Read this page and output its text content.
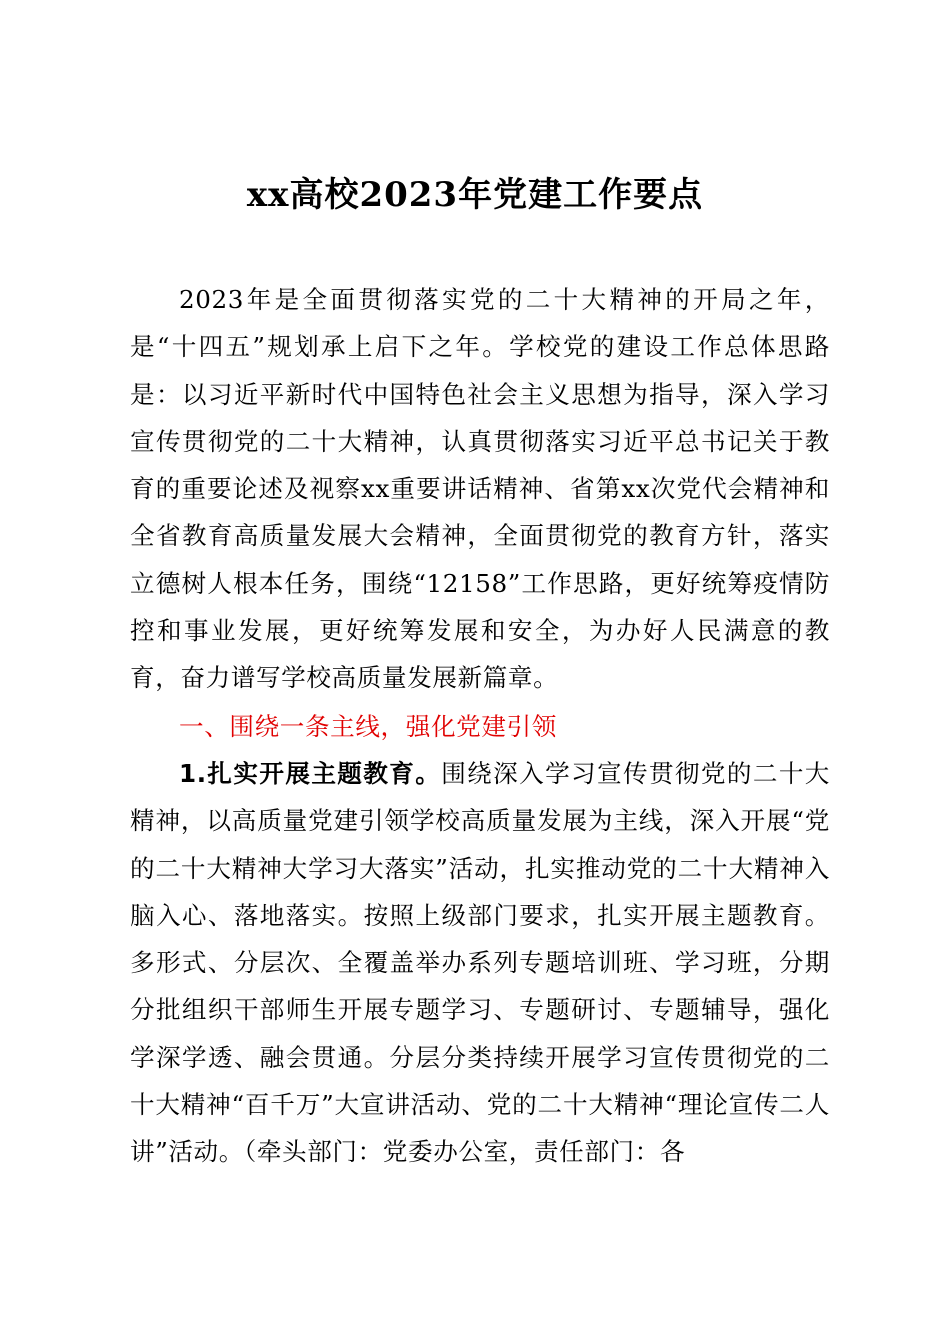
xx高校2023年党建工作要点

2023年是全面贯彻落实党的二十大精神的开局之年，是“十四五”规划承上启下之年。学校党的建设工作总体思路是：以习近平新时代中国特色社会主义思想为指导，深入学习宣传贯彻党的二十大精神，认真贯彻落实习近平总书记关于教育的重要论述及视察xx重要讲话精神、省第xx次党代会精神和全省教育高质量发展大会精神，全面贯彻党的教育方针，落实立德树人根本任务，围绕“12158”工作思路，更好统筹疫情防控和事业发展，更好统筹发展和安全，为办好人民满意的教育，奋力谱写学校高质量发展新篇章。

一、围绕一条主线，强化党建引领

1.扎实开展主题教育。围绕深入学习宣传贯彻党的二十大精神，以高质量党建引领学校高质量发展为主线，深入开展“党的二十大精神大学习大落实”活动，扎实推动党的二十大精神入脑入心、落地落实。按照上级部门要求，扎实开展主题教育。多形式、分层次、全覆盖举办系列专题培训班、学习班，分期分批组织干部师生开展专题学习、专题研讨、专题辅导，强化学深学透、融会贯通。分层分类持续开展学习宣传贯彻党的二十大精神“百千万”大宣讲活动、党的二十大精神“理论宣传二人讲”活动。（牵头部门：党委办公室，责任部门：各
